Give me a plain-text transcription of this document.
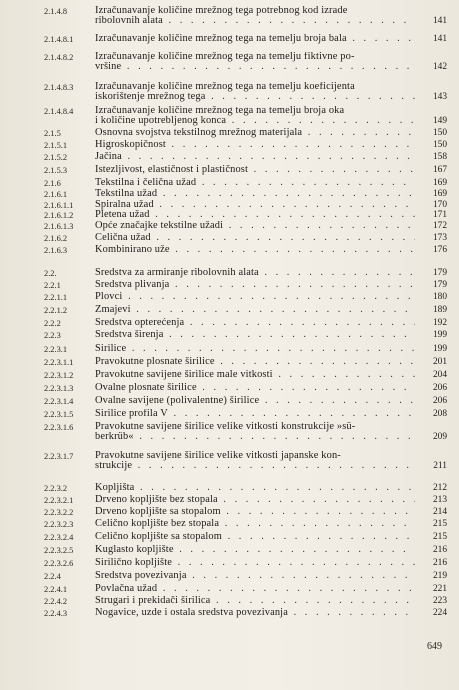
2.1.4.8	Izračunavanje količine mrežnog tega potrebnog kod izrade
ribolovnih alata . . .	141
2.1.4.8.1 Izračunavanje količine mrežnog tega na temelju broja bala . . .	141
2.1.4.8.2 Izračunavanje količine mrežnog tega na temelju fiktivne po-
vršine . . .	142
2.1.4.8.3 Izračunavanje količine mrežnog tega na temelju koeficijenta
iskorištenje mrežnog tega . . .	143
2.1.4.8.4 Izračunavanje količine mrežnog tega na temelju broja oka
i količine upotrebljenog konca . . .	149
2.1.5	Osnovna svojstva tekstilnog mrežnog materijala . . .	150
2.1.5.1	Higroskopičnost . . .	150
2.1.5.2	Jačina . . .	158
2.1.5.3	Istezljivost, elastičnost i plastičnost . . .	167
2.1.6	Tekstilna i čelična užad . . .	169
2.1.6.1	Tekstilna užad . . .	169
2.1.6.1.1 Spiralna užad . . .	170
2.1.6.1.2 Pletena užad . . .	171
2.1.6.1.3 Opće značajke tekstilne užadi . . .	172
2.1.6.2	Čelična užad . . .	173
2.1.6.3	Kombinirano uže . . .	176
2.2.	Sredstva za armiranje ribolovnih alata . . .	179
2.2.1	Sredstva plivanja . . .	179
2.2.1.1	Plovci . . .	180
2.2.1.2	Zmajevi . . .	189
2.2.2	Sredstva opterećenja . . .	192
2.2.3	Sredstva širenja . . .	199
2.2.3.1	Širilice . . .	199
2.2.3.1.1 Pravokutne plosnate širilice . . .	201
2.2.3.1.2 Pravokutne savijene širilice male vitkosti . . .	204
2.2.3.1.3 Ovalne plosnate širilice . . .	206
2.2.3.1.4 Ovalne savijene (polivalentne) širilice . . .	206
2.2.3.1.5 Širilice profila V . . .	208
2.2.3.1.6 Pravokutne savijene širilice velike vitkosti konstrukcije »sü-
berkrüb« . . .	209
2.2.3.1.7 Pravokutne savijene širilice velike vitkosti japanske kon-
strukcije . . .	211
2.2.3.2	Kopljišta . . .	212
2.2.3.2.1 Drveno kopljište bez stopala . . .	213
2.2.3.2.2 Drveno kopljište sa stopalom . . .	214
2.2.3.2.3 Čelično kopljište bez stopala . . .	215
2.2.3.2.4 Čelično kopljište sa stopalom . . .	215
2.2.3.2.5 Kuglasto kopljište . . .	216
2.2.3.2.6 Širilično kopljište . . .	216
2.2.4	Sredstva povezivanja . . .	219
2.2.4.1	Povlačna užad . . .	221
2.2.4.2	Strugari i prekidači širilica . . .	223
2.2.4.3	Nogavice, uzde i ostala sredstva povezivanja . . .	224
649
